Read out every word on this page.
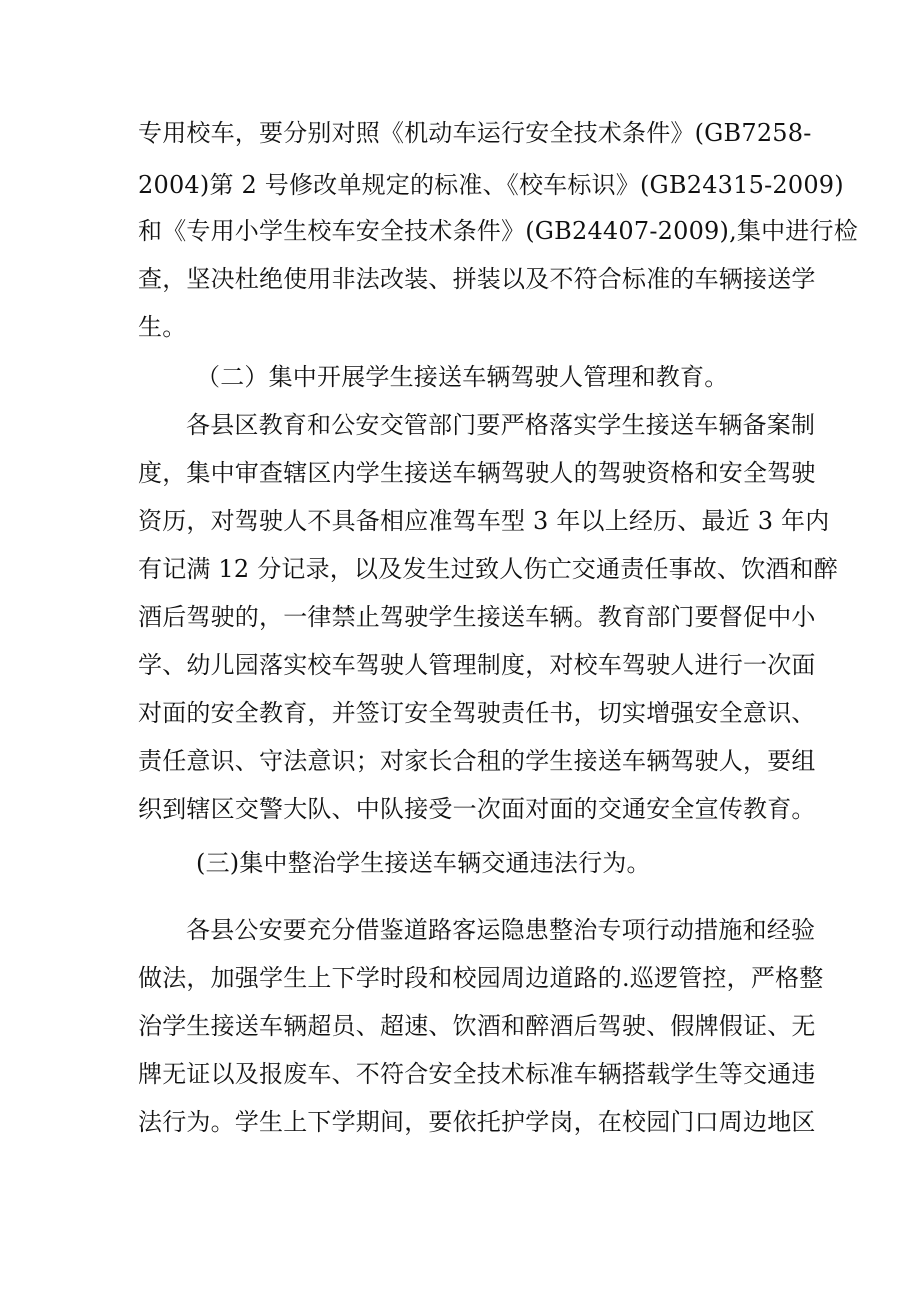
专用校车，要分别对照《机动车运行安全技术条件》(GB7258-
2004)第 2 号修改单规定的标准、《校车标识》(GB24315-2009)
和《专用小学生校车安全技术条件》(GB24407-2009),集中进行检
查，坚决杜绝使用非法改装、拼装以及不符合标准的车辆接送学
生。
（二）集中开展学生接送车辆驾驶人管理和教育。
各县区教育和公安交管部门要严格落实学生接送车辆备案制
度，集中审查辖区内学生接送车辆驾驶人的驾驶资格和安全驾驶
资历，对驾驶人不具备相应准驾车型 3 年以上经历、最近 3 年内
有记满 12 分记录，以及发生过致人伤亡交通责任事故、饮酒和醉
酒后驾驶的，一律禁止驾驶学生接送车辆。教育部门要督促中小
学、幼儿园落实校车驾驶人管理制度，对校车驾驶人进行一次面
对面的安全教育，并签订安全驾驶责任书，切实增强安全意识、
责任意识、守法意识；对家长合租的学生接送车辆驾驶人，要组
织到辖区交警大队、中队接受一次面对面的交通安全宣传教育。
(三)集中整治学生接送车辆交通违法行为。
各县公安要充分借鉴道路客运隐患整治专项行动措施和经验
做法，加强学生上下学时段和校园周边道路的.巡逻管控，严格整
治学生接送车辆超员、超速、饮酒和醉酒后驾驶、假牌假证、无
牌无证以及报废车、不符合安全技术标准车辆搭载学生等交通违
法行为。学生上下学期间，要依托护学岗，在校园门口周边地区
